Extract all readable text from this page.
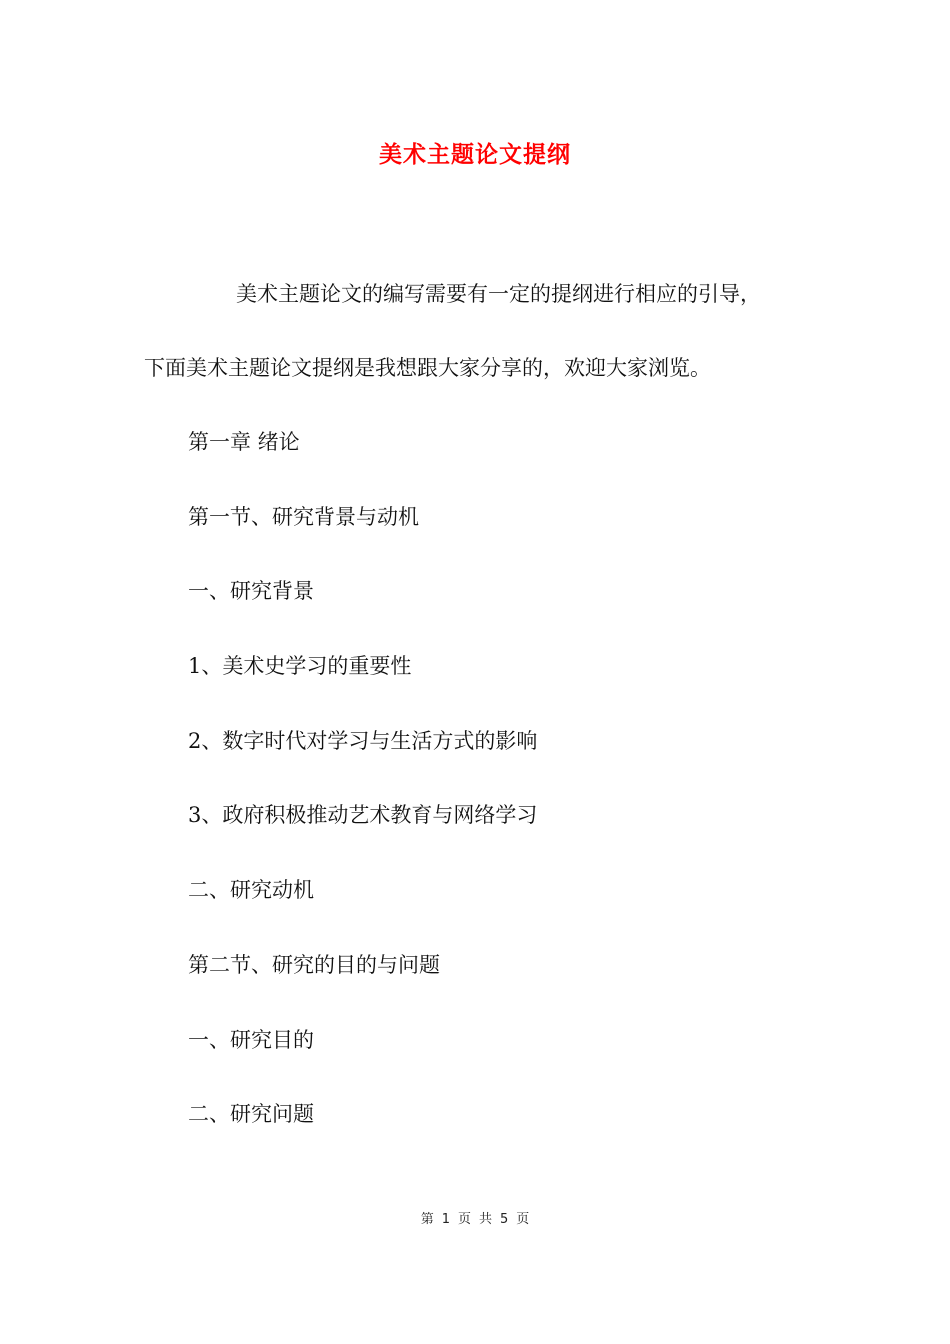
美术主题论文提纲

美术主题论文的编写需要有一定的提纲进行相应的引导，
下面美术主题论文提纲是我想跟大家分享的，欢迎大家浏览。

第一章 绪论
第一节、研究背景与动机
一、研究背景
1、美术史学习的重要性
2、数字时代对学习与生活方式的影响
3、政府积极推动艺术教育与网络学习
二、研究动机
第二节、研究的目的与问题
一、研究目的
二、研究问题
第 1 页 共 5 页
